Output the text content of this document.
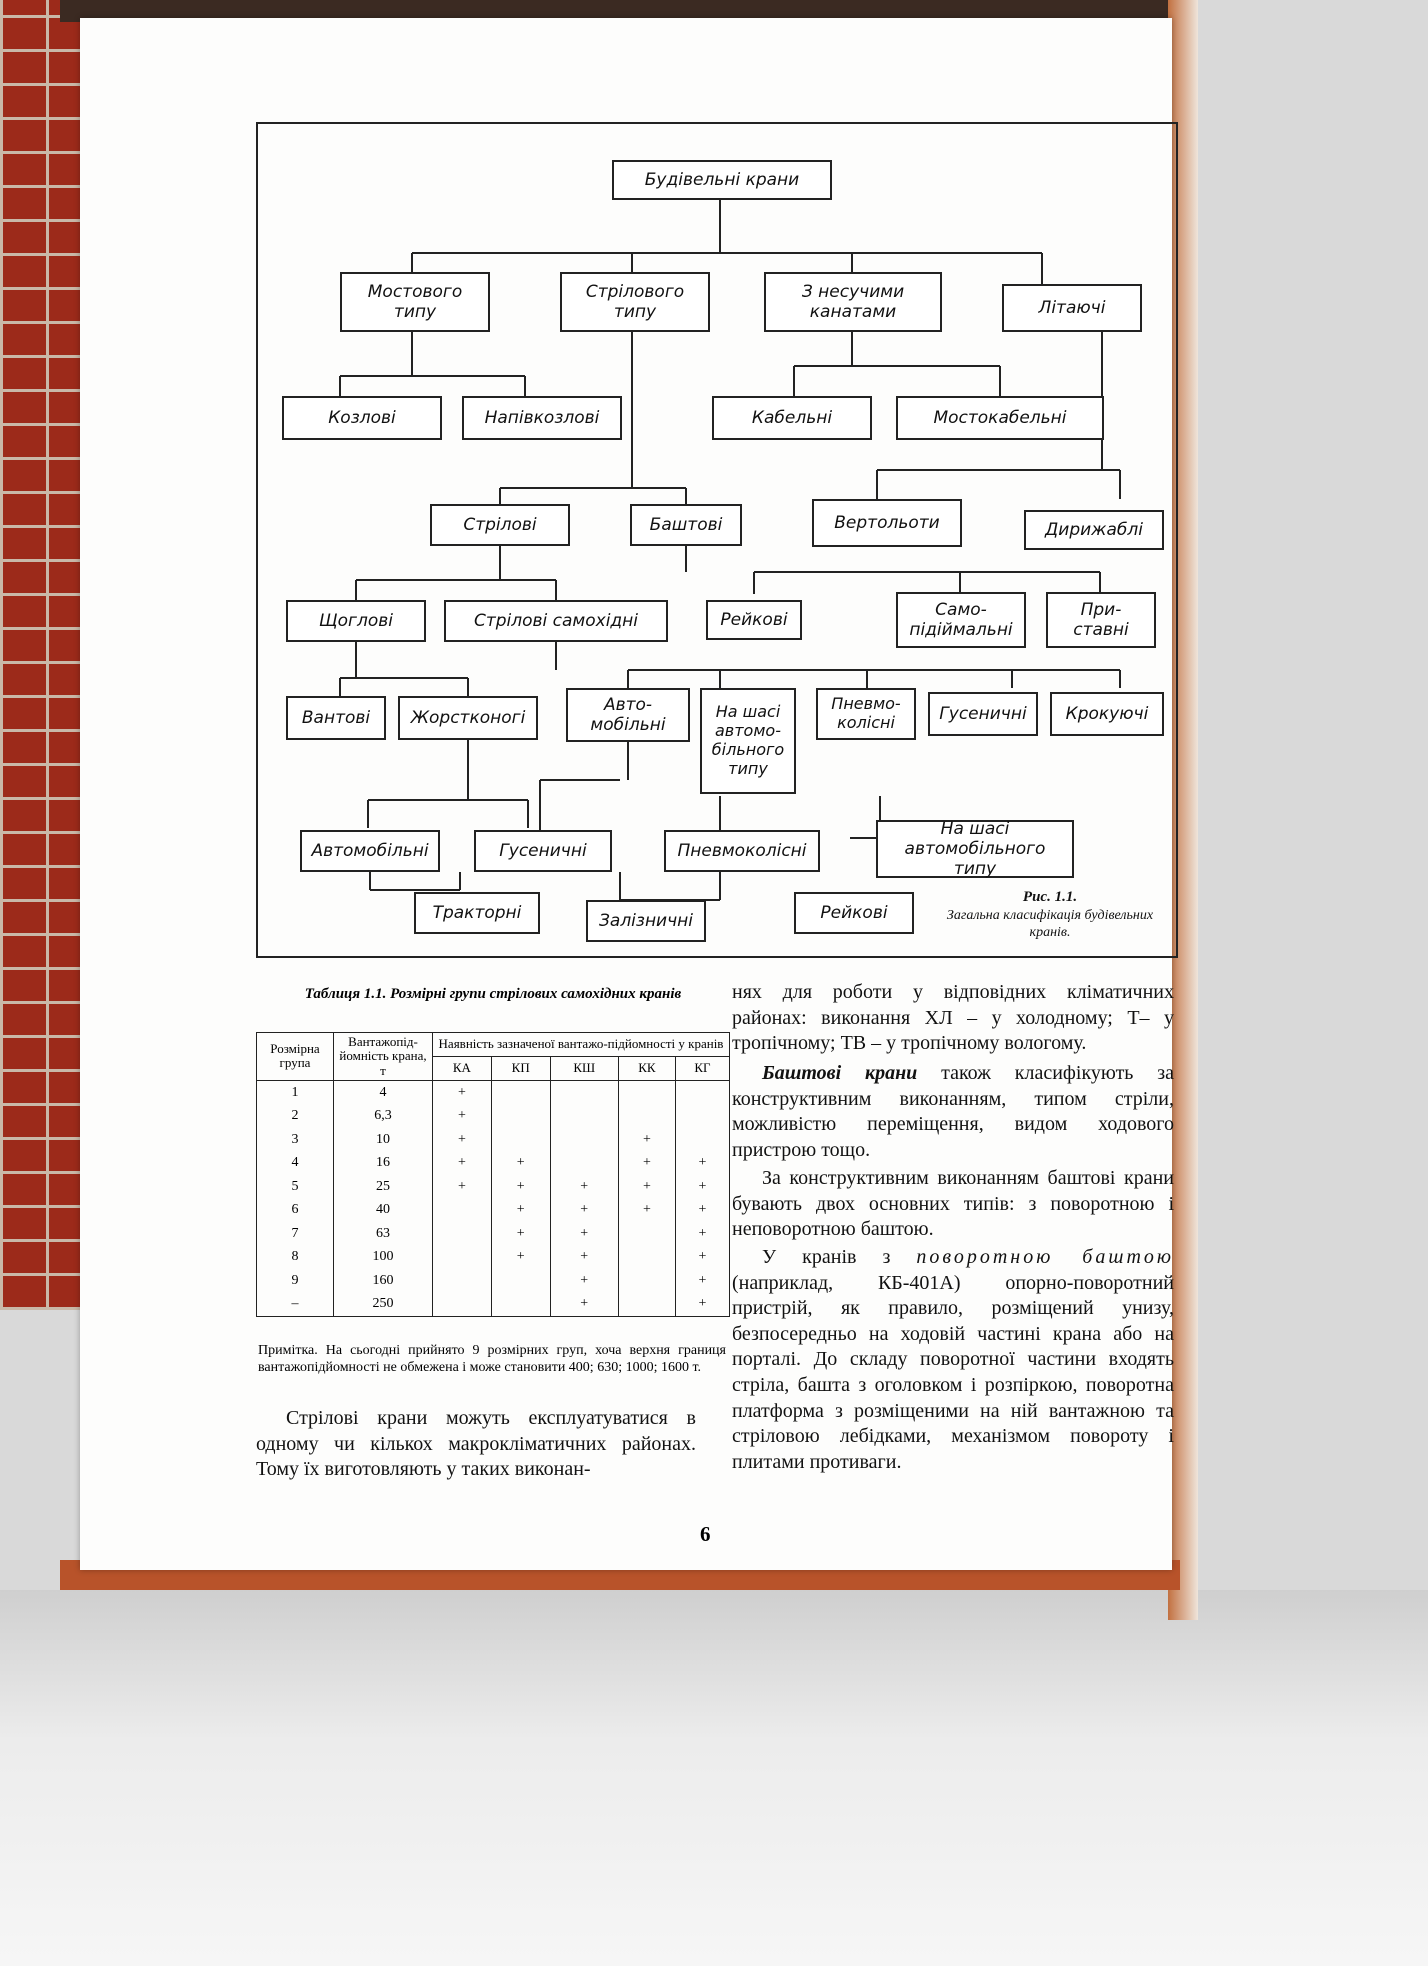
Будівельні крани
Мостового
типу
Стрілового
типу
З несучими
канатами	Літаючі
Козлові	Напівкозлові	Кабельні	Мостокабельні
Вертольоти	Дирижаблі
Стрілові	Баштові
Щоглові	Стрілові самохідні	Рейкові
Само-
підіймальні
При-
ставні
Вантові	Жорстконогі
Авто-
мобільні
На шасі
автомо-
більного
типу
Пневмо-
колісні	Гусеничні	Крокуючі
Автомобільні	Гусеничні	Пневмоколісні
На шасі
автомобільного типу
Тракторні	Залізничні	Рейкові
Рис. 1.1.
Загальна класифікація будівельних кранів.
Таблиця 1.1. Розмірні групи стрілових самохідних кранів
Розмірна група	Вантажопід-йомність крана, т	Наявність зазначеної вантажо-підйомності у кранів				
		КА	КП	КШ	КК	КГ
1	4	+				
2	6,3	+				
3	10	+			+	
4	16	+	+		+	+
5	25	+	+	+	+	+
6	40		+	+	+	+
7	63		+	+		+
8	100		+	+		+
9	160			+		+
–	250			+		+
Примітка. На сьогодні прийнято 9 розмірних груп, хоча верхня границя вантажопідйомності не обмежена і може становити 400; 630; 1000; 1600 т.
Стрілові крани можуть експлуатуватися в одному чи кількох макрокліматичних районах. Тому їх виготовляють у таких виконан-
нях для роботи у відповідних кліматичних районах: виконання ХЛ – у холодному; Т– у тропічному; ТВ – у тропічному вологому.
Баштові крани також класифікують за конструктивним виконанням, типом стріли, можливістю переміщення, видом ходового пристрою тощо.
За конструктивним виконанням баштові крани бувають двох основних типів: з поворотною і неповоротною баштою.
У кранів з поворотною баштою (наприклад, КБ-401А) опорно-поворотний пристрій, як правило, розміщений унизу, безпосередньо на ходовій частині крана або на порталі. До складу поворотної частини входять стріла, башта з оголовком і розпіркою, поворотна платформа з розміщеними на ній вантажною та стріловою лебідками, механізмом повороту і плитами противаги.
6
